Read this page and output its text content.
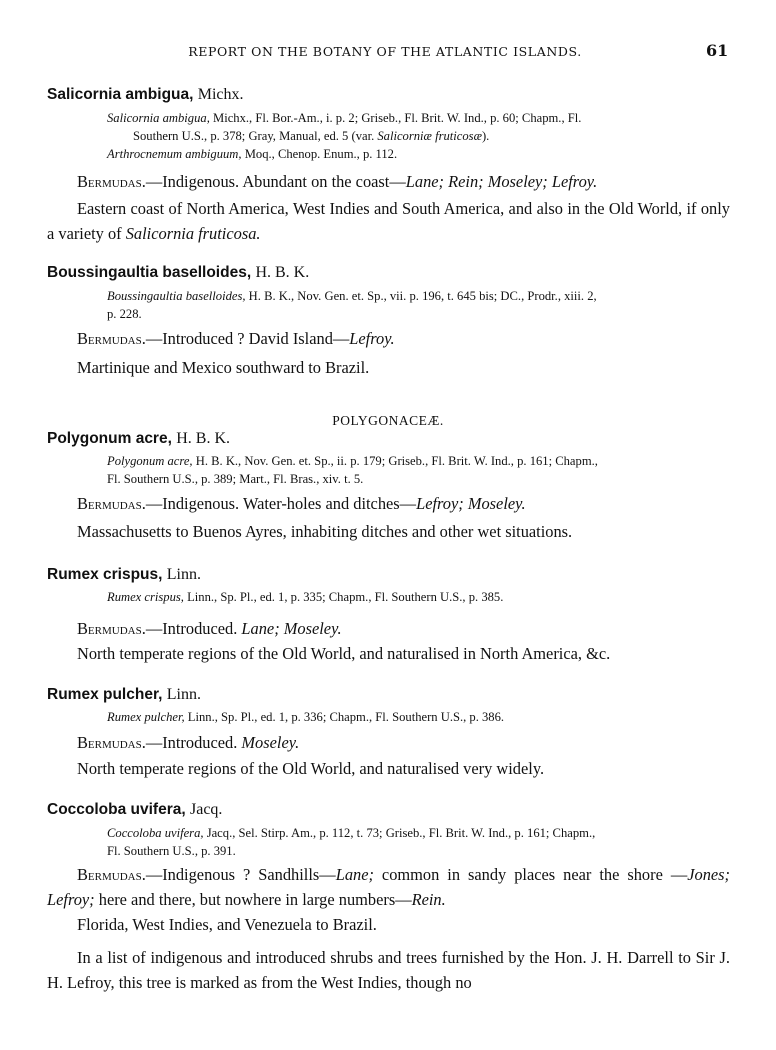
REPORT ON THE BOTANY OF THE ATLANTIC ISLANDS.	61
Salicornia ambigua, Michx.
Salicornia ambigua, Michx., Fl. Bor.-Am., i. p. 2; Griseb., Fl. Brit. W. Ind., p. 60; Chapm., Fl.
Southern U.S., p. 378; Gray, Manual, ed. 5 (var. Salicorniæ fruticosæ).
Arthrocnemum ambiguum, Moq., Chenop. Enum., p. 112.
Bermudas.—Indigenous. Abundant on the coast—Lane; Rein; Moseley; Lefroy.
Eastern coast of North America, West Indies and South America, and also in the Old World, if only a variety of Salicornia fruticosa.
Boussingaultia baselloides, H. B. K.
Boussingaultia baselloides, H. B. K., Nov. Gen. et. Sp., vii. p. 196, t. 645 bis; DC., Prodr., xiii. 2,
p. 228.
Bermudas.—Introduced ? David Island—Lefroy.
Martinique and Mexico southward to Brazil.
POLYGONACEÆ.
Polygonum acre, H. B. K.
Polygonum acre, H. B. K., Nov. Gen. et. Sp., ii. p. 179; Griseb., Fl. Brit. W. Ind., p. 161; Chapm.,
Fl. Southern U.S., p. 389; Mart., Fl. Bras., xiv. t. 5.
Bermudas.—Indigenous. Water-holes and ditches—Lefroy; Moseley.
Massachusetts to Buenos Ayres, inhabiting ditches and other wet situations.
Rumex crispus, Linn.
Rumex crispus, Linn., Sp. Pl., ed. 1, p. 335; Chapm., Fl. Southern U.S., p. 385.
Bermudas.—Introduced. Lane; Moseley.
North temperate regions of the Old World, and naturalised in North America, &c.
Rumex pulcher, Linn.
Rumex pulcher, Linn., Sp. Pl., ed. 1, p. 336; Chapm., Fl. Southern U.S., p. 386.
Bermudas.—Introduced. Moseley.
North temperate regions of the Old World, and naturalised very widely.
Coccoloba uvifera, Jacq.
Coccoloba uvifera, Jacq., Sel. Stirp. Am., p. 112, t. 73; Griseb., Fl. Brit. W. Ind., p. 161; Chapm.,
Fl. Southern U.S., p. 391.
Bermudas.—Indigenous ? Sandhills—Lane; common in sandy places near the shore —Jones; Lefroy; here and there, but nowhere in large numbers—Rein.
Florida, West Indies, and Venezuela to Brazil.
In a list of indigenous and introduced shrubs and trees furnished by the Hon. J. H. Darrell to Sir J. H. Lefroy, this tree is marked as from the West Indies, though no
